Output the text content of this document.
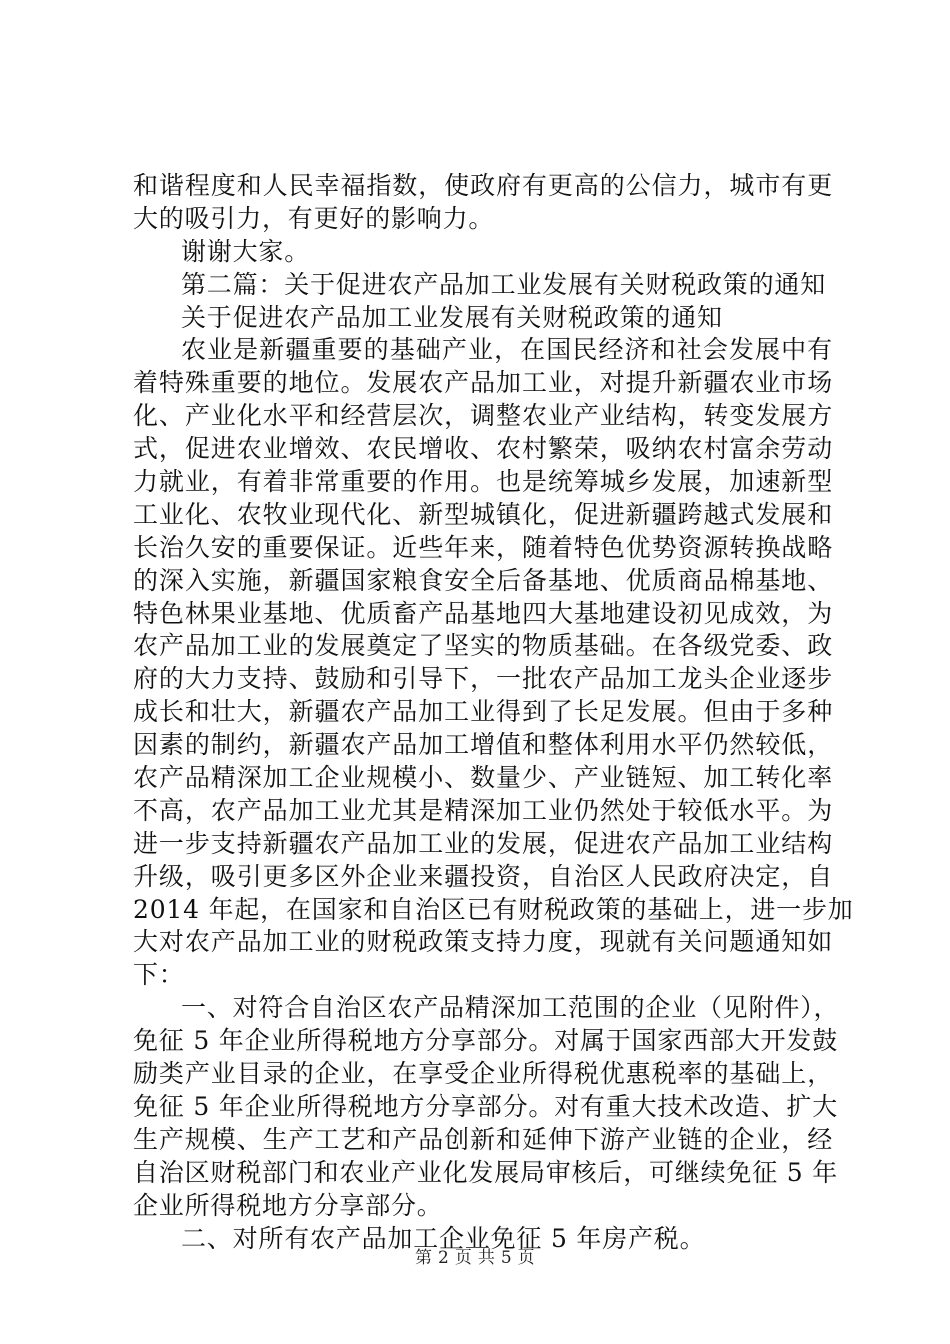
和谐程度和人民幸福指数，使政府有更高的公信力，城市有更
大的吸引力，有更好的影响力。
谢谢大家。
第二篇：关于促进农产品加工业发展有关财税政策的通知
关于促进农产品加工业发展有关财税政策的通知
农业是新疆重要的基础产业，在国民经济和社会发展中有
着特殊重要的地位。发展农产品加工业，对提升新疆农业市场
化、产业化水平和经营层次，调整农业产业结构，转变发展方
式，促进农业增效、农民增收、农村繁荣，吸纳农村富余劳动
力就业，有着非常重要的作用。也是统筹城乡发展，加速新型
工业化、农牧业现代化、新型城镇化，促进新疆跨越式发展和
长治久安的重要保证。近些年来，随着特色优势资源转换战略
的深入实施，新疆国家粮食安全后备基地、优质商品棉基地、
特色林果业基地、优质畜产品基地四大基地建设初见成效，为
农产品加工业的发展奠定了坚实的物质基础。在各级党委、政
府的大力支持、鼓励和引导下，一批农产品加工龙头企业逐步
成长和壮大，新疆农产品加工业得到了长足发展。但由于多种
因素的制约，新疆农产品加工增值和整体利用水平仍然较低，
农产品精深加工企业规模小、数量少、产业链短、加工转化率
不高，农产品加工业尤其是精深加工业仍然处于较低水平。为
进一步支持新疆农产品加工业的发展，促进农产品加工业结构
升级，吸引更多区外企业来疆投资，自治区人民政府决定，自
2014 年起，在国家和自治区已有财税政策的基础上，进一步加
大对农产品加工业的财税政策支持力度，现就有关问题通知如
下：
一、对符合自治区农产品精深加工范围的企业（见附件），
免征 5 年企业所得税地方分享部分。对属于国家西部大开发鼓
励类产业目录的企业，在享受企业所得税优惠税率的基础上，
免征 5 年企业所得税地方分享部分。对有重大技术改造、扩大
生产规模、生产工艺和产品创新和延伸下游产业链的企业，经
自治区财税部门和农业产业化发展局审核后，可继续免征 5 年
企业所得税地方分享部分。
二、对所有农产品加工企业免征 5 年房产税。
第 2 页 共 5 页
